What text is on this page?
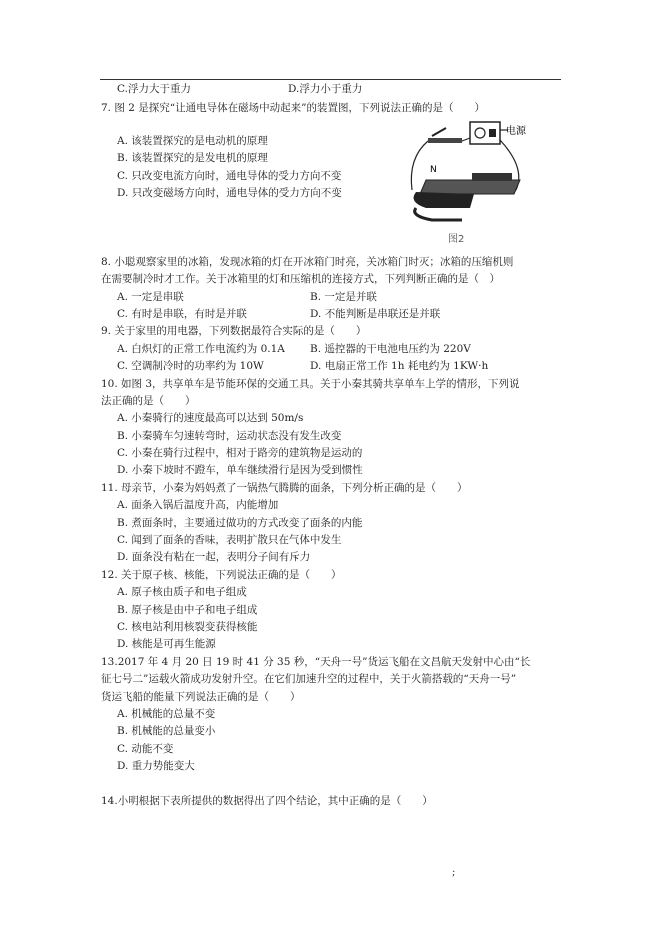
C.浮力大于重力	D.浮力小于重力
7. 图 2 是探究“让通电导体在磁场中动起来”的装置图，下列说法正确的是（　　）
A. 该装置探究的是电动机的原理
B. 该装置探究的是发电机的原理
C. 只改变电流方向时，通电导体的受力方向不变
D. 只改变磁场方向时，通电导体的受力方向不变
电源
N
图2
8. 小聪观察家里的冰箱，发现冰箱的灯在开冰箱门时亮，关冰箱门时灭；冰箱的压缩机则
在需要制冷时才工作。关于冰箱里的灯和压缩机的连接方式，下列判断正确的是（　）
A. 一定是串联	B. 一定是并联
C. 有时是串联，有时是并联	D. 不能判断是串联还是并联
9. 关于家里的用电器，下列数据最符合实际的是（　　）
A. 白炽灯的正常工作电流约为 0.1A B. 遥控器的干电池电压约为 220V
C. 空调制冷时的功率约为 10W	D. 电扇正常工作 1h 耗电约为 1KW·h
10. 如图 3，共享单车是节能环保的交通工具。关于小秦其骑共享单车上学的情形，下列说
法正确的是（　　）
A. 小秦骑行的速度最高可以达到 50m/s
B. 小秦骑车匀速转弯时，运动状态没有发生改变
C. 小秦在骑行过程中，相对于路旁的建筑物是运动的
D. 小秦下坡时不蹬车，单车继续滑行是因为受到惯性
11. 母亲节，小秦为妈妈煮了一锅热气腾腾的面条，下列分析正确的是（　　）
A. 面条入锅后温度升高，内能增加
B. 煮面条时，主要通过做功的方式改变了面条的内能
C. 闻到了面条的香味，表明扩散只在气体中发生
D. 面条没有粘在一起，表明分子间有斥力
12. 关于原子核、核能，下列说法正确的是（　　）
A. 原子核由质子和电子组成
B. 原子核是由中子和电子组成
C. 核电站利用核裂变获得核能
D. 核能是可再生能源
13.2017 年 4 月 20 日 19 时 41 分 35 秒，“天舟一号”货运飞船在文昌航天发射中心由“长
征七号二”运载火箭成功发射升空。在它们加速升空的过程中，关于火箭搭载的“天舟一号”
货运飞船的能量下列说法正确的是（　　）
A. 机械能的总量不变
B. 机械能的总量变小
C. 动能不变
D. 重力势能变大
14.小明根据下表所提供的数据得出了四个结论，其中正确的是（　　）
;
